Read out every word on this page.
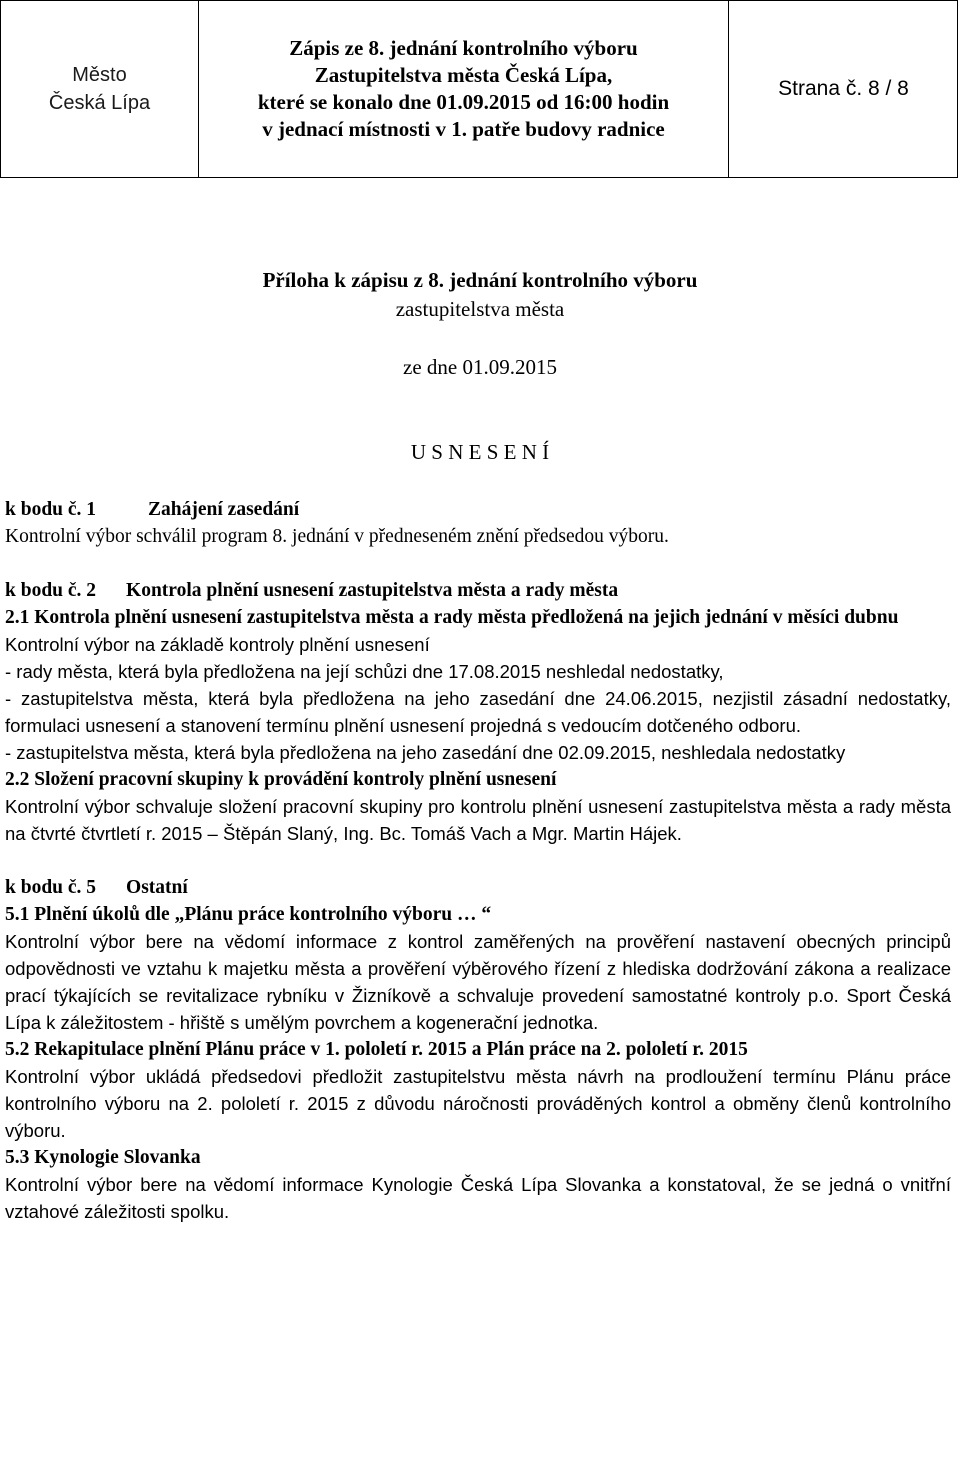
Město
Česká Lípa
Zápis ze 8. jednání kontrolního výboru
Zastupitelstva města Česká Lípa,
které se konalo dne 01.09.2015 od 16:00 hodin
v jednací místnosti v 1. patře budovy radnice
Strana č. 8 / 8
Příloha k zápisu z 8. jednání kontrolního výboru
zastupitelstva města
ze dne 01.09.2015
U S N E S E N Í
k bodu č. 1	Zahájení zasedání
Kontrolní výbor schválil program 8. jednání v předneseném znění předsedou výboru.
k bodu č. 2 Kontrola plnění usnesení zastupitelstva města a rady města
2.1 Kontrola plnění usnesení zastupitelstva města a rady města předložená na jejich jednání v měsíci dubnu
Kontrolní výbor na základě kontroly plnění usnesení
- rady města, která byla předložena na její schůzi dne 17.08.2015 neshledal nedostatky,
- zastupitelstva města, která byla předložena na jeho zasedání dne 24.06.2015, nezjistil zásadní nedostatky, formulaci usnesení a stanovení termínu plnění usnesení projedná s vedoucím dotčeného odboru.
- zastupitelstva města, která byla předložena na jeho zasedání dne 02.09.2015, neshledala nedostatky
2.2 Složení pracovní skupiny k provádění kontroly plnění usnesení
Kontrolní výbor schvaluje složení pracovní skupiny pro kontrolu plnění usnesení zastupitelstva města a rady města na čtvrté čtvrtletí r. 2015 – Štěpán Slaný, Ing. Bc. Tomáš Vach a Mgr. Martin Hájek.
k bodu č. 5 Ostatní
5.1 Plnění úkolů dle „Plánu práce kontrolního výboru … “
Kontrolní výbor bere na vědomí informace z kontrol zaměřených na prověření nastavení obecných principů odpovědnosti ve vztahu k majetku města a prověření výběrového řízení z hlediska dodržování zákona a realizace prací týkajících se revitalizace rybníku v Žizníkově a schvaluje provedení samostatné kontroly p.o. Sport Česká Lípa k záležitostem - hřiště s umělým povrchem a kogenerační jednotka.
5.2 Rekapitulace plnění Plánu práce v 1. pololetí r. 2015 a Plán práce na 2. pololetí r. 2015
Kontrolní výbor ukládá předsedovi předložit zastupitelstvu města návrh na prodloužení termínu Plánu práce kontrolního výboru na 2. pololetí r. 2015 z důvodu náročnosti prováděných kontrol a obměny členů kontrolního výboru.
5.3 Kynologie Slovanka
Kontrolní výbor bere na vědomí informace Kynologie Česká Lípa Slovanka a konstatoval, že se jedná o vnitřní vztahové záležitosti spolku.
